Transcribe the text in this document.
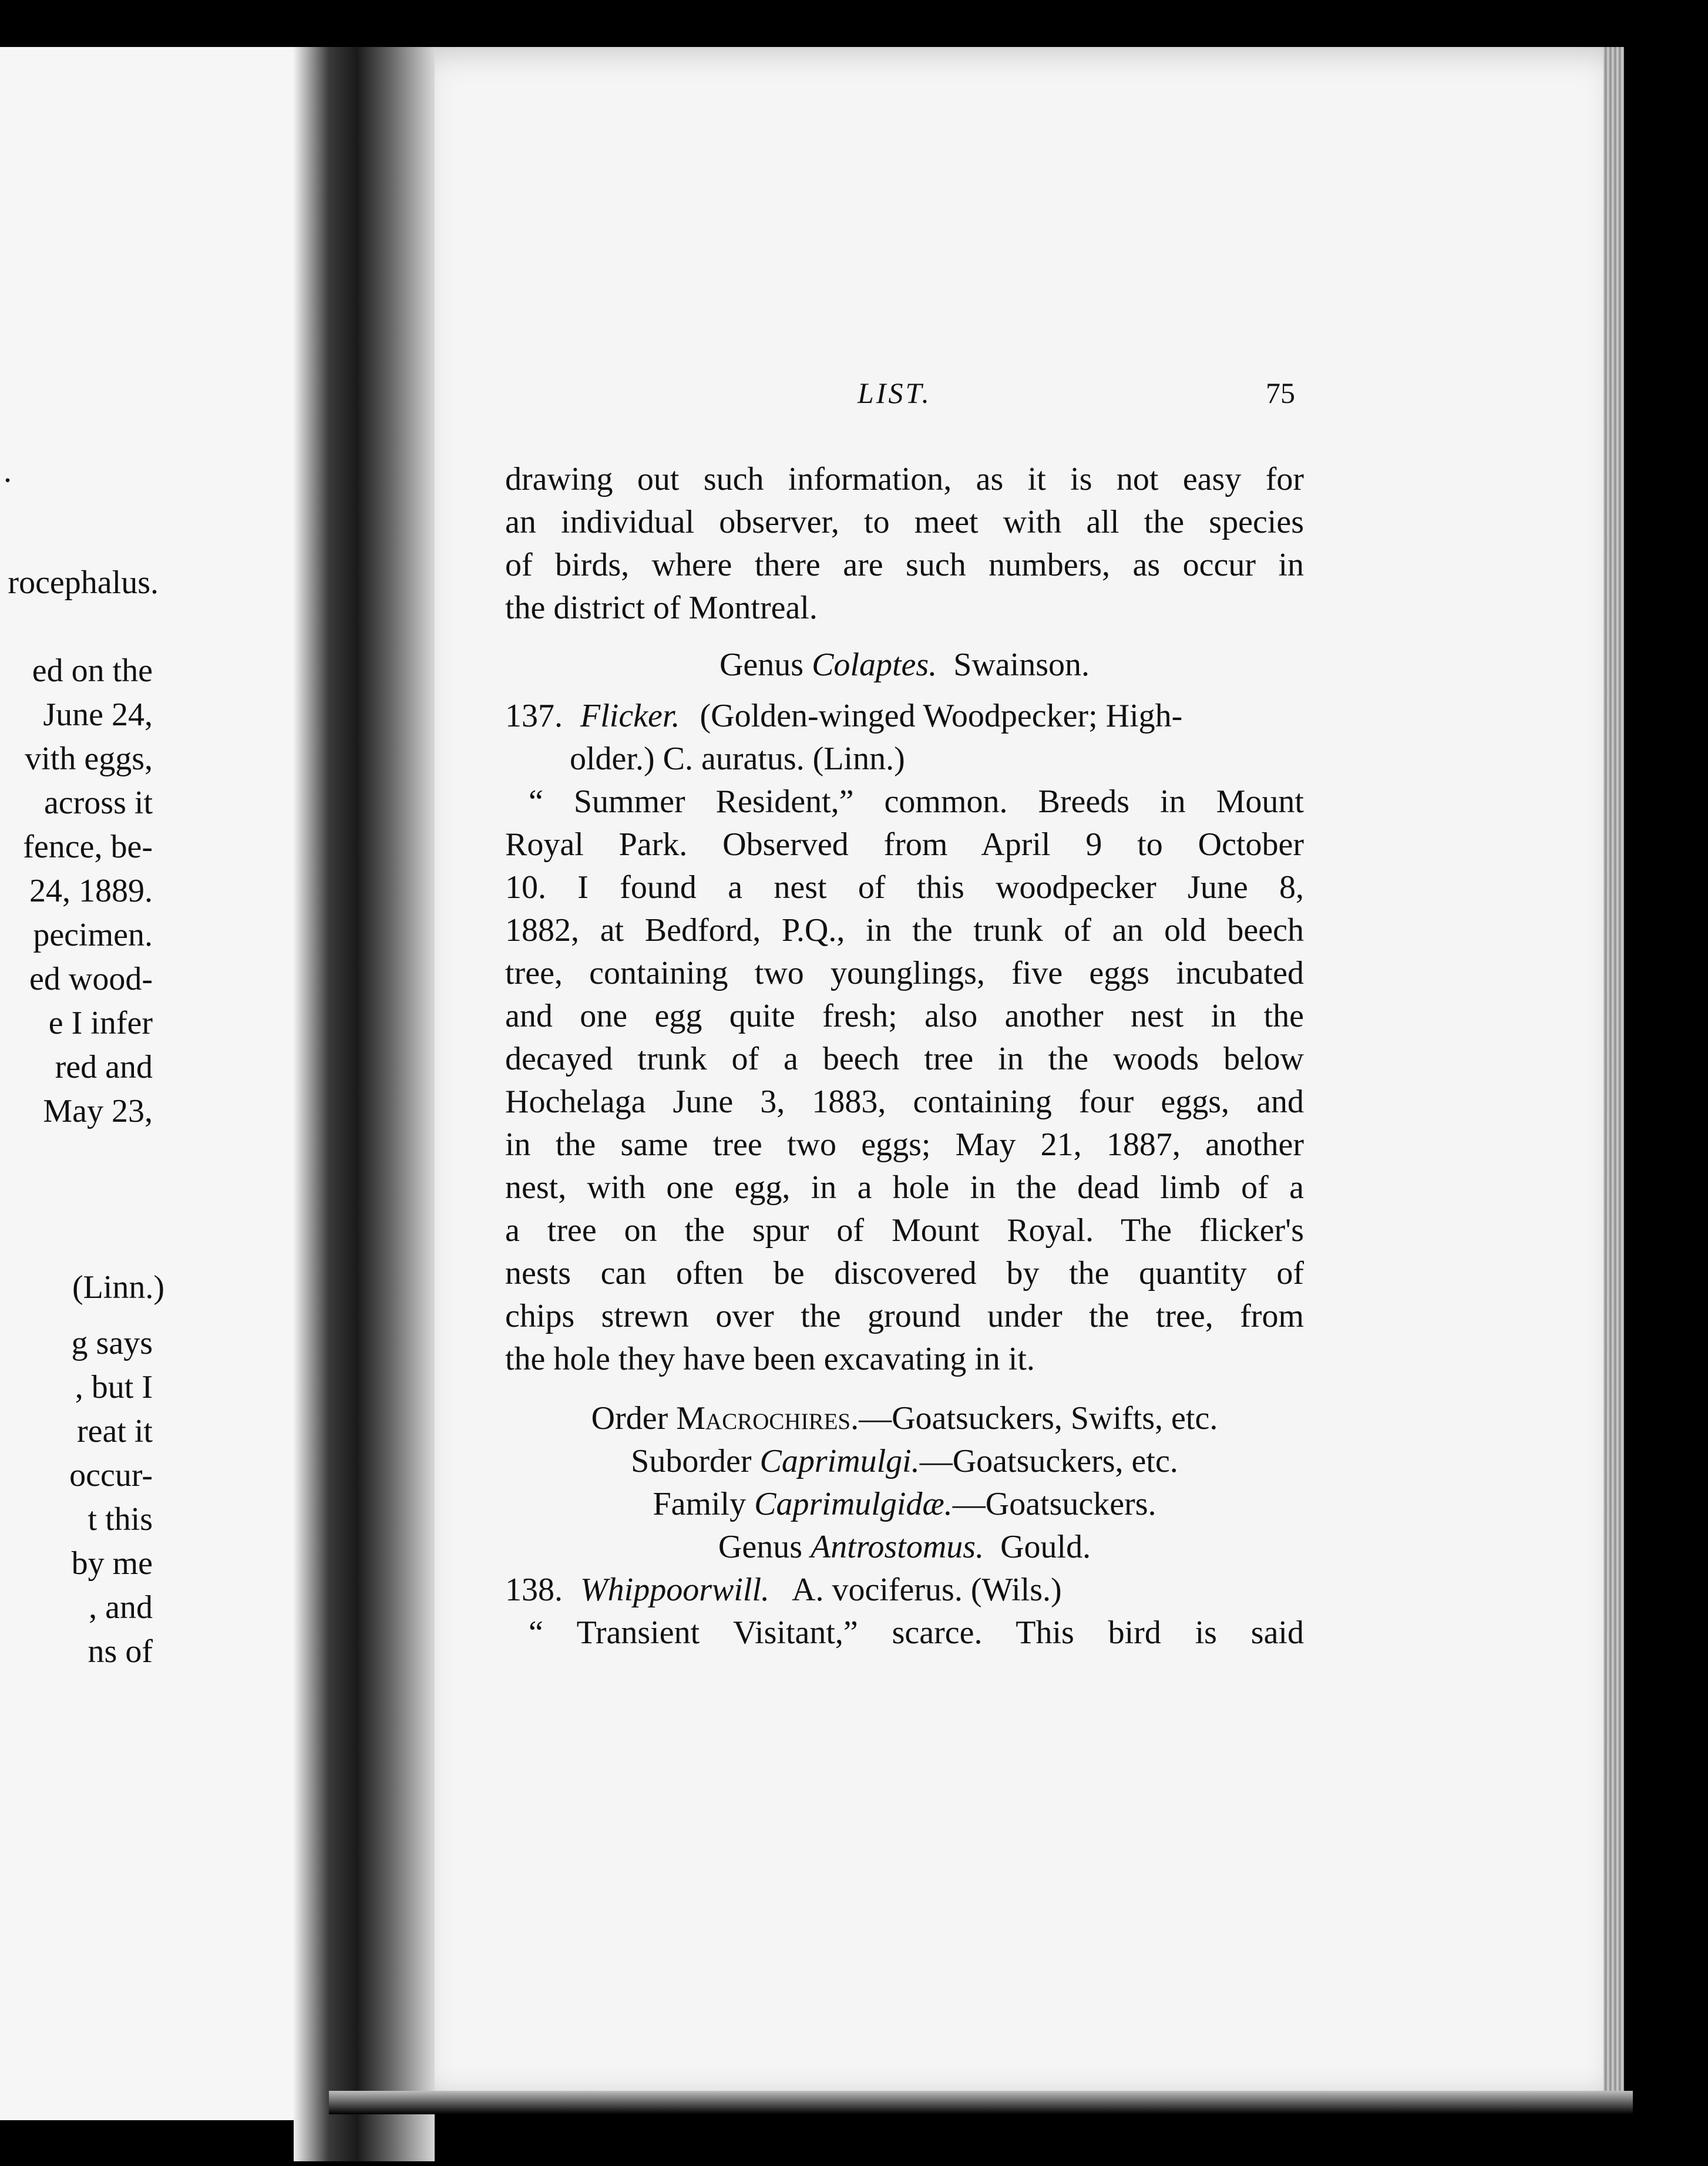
.
rocephalus.
ed on the
June 24,
vith eggs,
across it
fence, be-
24, 1889.
pecimen.
ed wood-
e I infer
red and
May 23,
(Linn.)
g says
, but I
reat it
occur-
t this
by me
, and
ns of
LIST.	75
drawing out such information, as it is not easy for
an individual observer, to meet with all the species
of birds, where there are such numbers, as occur in
the district of Montreal.
Genus Colaptes. Swainson.
137. Flicker. (Golden-winged Woodpecker; High-
older.) C. auratus. (Linn.)
“ Summer Resident,” common. Breeds in Mount
Royal Park. Observed from April 9 to October
10. I found a nest of this woodpecker June 8,
1882, at Bedford, P.Q., in the trunk of an old beech
tree, containing two younglings, five eggs incubated
and one egg quite fresh; also another nest in the
decayed trunk of a beech tree in the woods below
Hochelaga June 3, 1883, containing four eggs, and
in the same tree two eggs; May 21, 1887, another
nest, with one egg, in a hole in the dead limb of a
a tree on the spur of Mount Royal. The flicker's
nests can often be discovered by the quantity of
chips strewn over the ground under the tree, from
the hole they have been excavating in it.
Order Macrochires.—Goatsuckers, Swifts, etc.
Suborder Caprimulgi.—Goatsuckers, etc.
Family Caprimulgidæ.—Goatsuckers.
Genus Antrostomus. Gould.
138. Whippoorwill. A. vociferus. (Wils.)
“ Transient Visitant,” scarce. This bird is said
